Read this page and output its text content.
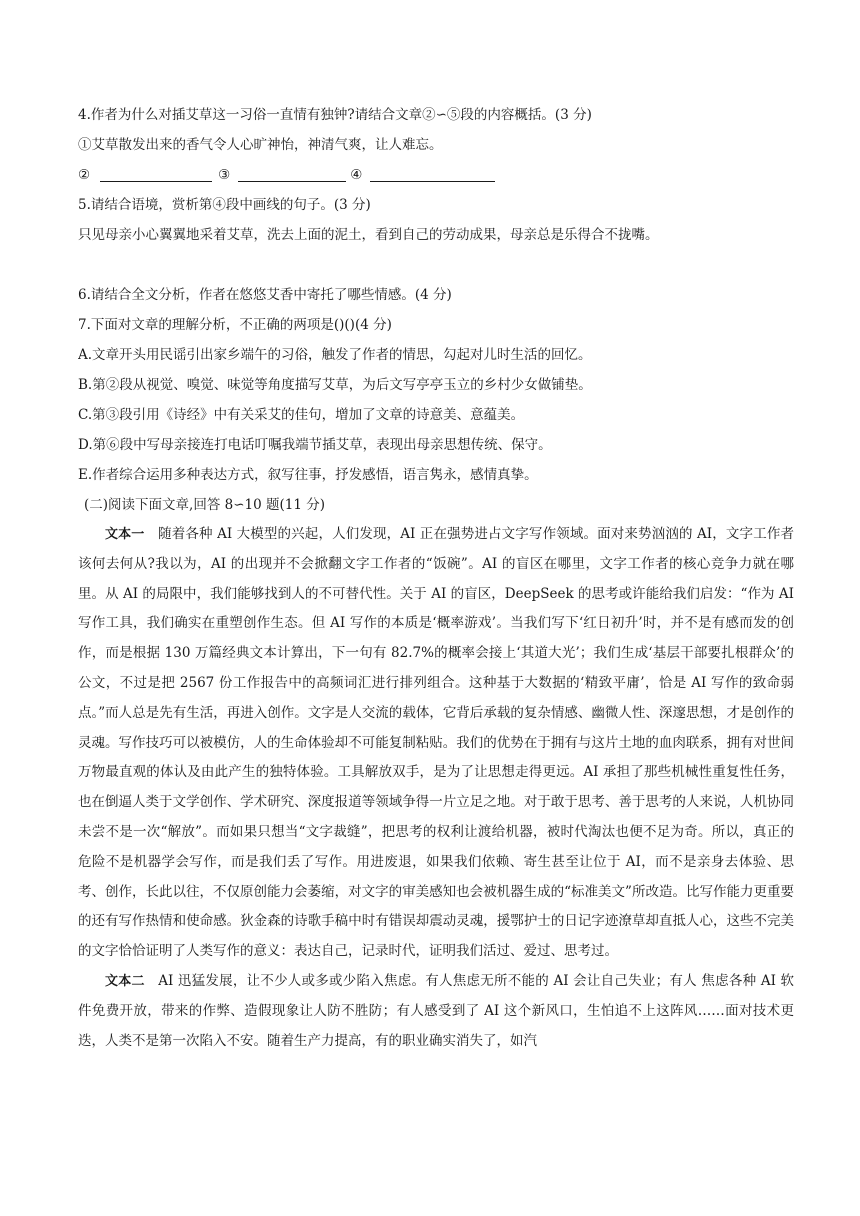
4.作者为什么对插艾草这一习俗一直情有独钟?请结合文章②∽⑤段的内容概括。(3 分)
①艾草散发出来的香气令人心旷神怡，神清气爽，让人难忘。
②	③	④
5.请结合语境，赏析第④段中画线的句子。(3 分)
只见母亲小心翼翼地采着艾草，洗去上面的泥土，看到自己的劳动成果，母亲总是乐得合不拢嘴。
6.请结合全文分析，作者在悠悠艾香中寄托了哪些情感。(4 分)
7.下面对文章的理解分析，不正确的两项是()()(4 分)
A.文章开头用民谣引出家乡端午的习俗，触发了作者的情思，勾起对儿时生活的回忆。
B.第②段从视觉、嗅觉、味觉等角度描写艾草，为后文写亭亭玉立的乡村少女做铺垫。
C.第③段引用《诗经》中有关采艾的佳句，增加了文章的诗意美、意蕴美。
D.第⑥段中写母亲接连打电话叮嘱我端节插艾草，表现出母亲思想传统、保守。
E.作者综合运用多种表达方式，叙写往事，抒发感悟，语言隽永，感情真挚。
(二)阅读下面文章,回答 8∽10 题(11 分)

文本一  随着各种 AI 大模型的兴起，人们发现，AI 正在强势进占文字写作领域。面对来势汹汹的 AI，文字工作者该何去何从?我以为，AI 的出现并不会掀翻文字工作者的“饭碗”。AI 的盲区在哪里，文字工作者的核心竞争力就在哪里。从 AI 的局限中，我们能够找到人的不可替代性。关于 AI 的盲区，DeepSeek 的思考或许能给我们启发：“作为 AI 写作工具，我们确实在重塑创作生态。但 AI 写作的本质是‘概率游戏’。当我们写下‘红日初升’时，并不是有感而发的创作，而是根据 130 万篇经典文本计算出，下一句有 82.7%的概率会接上‘其道大光’；我们生成‘基层干部要扎根群众’的公文，不过是把 2567 份工作报告中的高频词汇进行排列组合。这种基于大数据的‘精致平庸’，恰是 AI 写作的致命弱点。”而人总是先有生活，再进入创作。文字是人交流的载体，它背后承载的复杂情感、幽微人性、深邃思想，才是创作的灵魂。写作技巧可以被模仿，人的生命体验却不可能复制粘贴。我们的优势在于拥有与这片土地的血肉联系，拥有对世间万物最直观的体认及由此产生的独特体验。工具解放双手，是为了让思想走得更远。AI 承担了那些机械性重复性任务，也在倒逼人类于文学创作、学术研究、深度报道等领域争得一片立足之地。对于敢于思考、善于思考的人来说，人机协同未尝不是一次“解放”。而如果只想当“文字裁缝”，把思考的权利让渡给机器，被时代淘汰也便不足为奇。所以，真正的危险不是机器学会写作，而是我们丢了写作。用进废退，如果我们依赖、寄生甚至让位于 AI，而不是亲身去体验、思考、创作，长此以往，不仅原创能力会萎缩，对文字的审美感知也会被机器生成的“标准美文”所改造。比写作能力更重要的还有写作热情和使命感。狄金森的诗歌手稿中时有错误却震动灵魂，援鄂护士的日记字迹潦草却直抵人心，这些不完美的文字恰恰证明了人类写作的意义：表达自己，记录时代，证明我们活过、爱过、思考过。

文本二  AI 迅猛发展，让不少人或多或少陷入焦虑。有人焦虑无所不能的 AI 会让自己失业；有人 焦虑各种 AI 软件免费开放，带来的作弊、造假现象让人防不胜防；有人感受到了 AI 这个新风口，生怕追不上这阵风……面对技术更迭，人类不是第一次陷入不安。随着生产力提高，有的职业确实消失了，如汽
